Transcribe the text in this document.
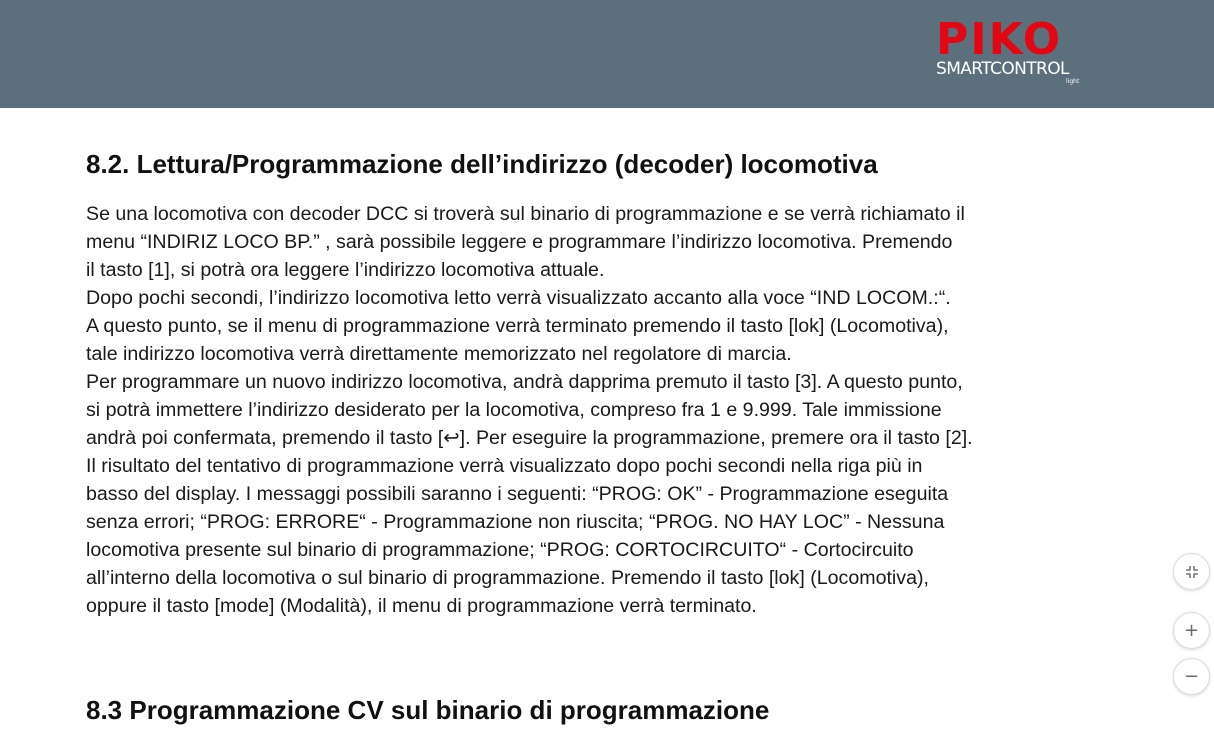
PIKO
SMARTCONTROL
light
8.2. Lettura/Programmazione dell’indirizzo (decoder) locomotiva
Se una locomotiva con decoder DCC si troverà sul binario di programmazione e se verrà richiamato il
menu “INDIRIZ LOCO BP.” , sarà possibile leggere e programmare l’indirizzo locomotiva. Premendo
il tasto [1], si potrà ora leggere l’indirizzo locomotiva attuale.
Dopo pochi secondi, l’indirizzo locomotiva letto verrà visualizzato accanto alla voce “IND LOCOM.:“.
A questo punto, se il menu di programmazione verrà terminato premendo il tasto [lok] (Locomotiva),
tale indirizzo locomotiva verrà direttamente memorizzato nel regolatore di marcia.
Per programmare un nuovo indirizzo locomotiva, andrà dapprima premuto il tasto [3]. A questo punto,
si potrà immettere l’indirizzo desiderato per la locomotiva, compreso fra 1 e 9.999. Tale immissione
andrà poi confermata, premendo il tasto [↩]. Per eseguire la programmazione, premere ora il tasto [2].
Il risultato del tentativo di programmazione verrà visualizzato dopo pochi secondi nella riga più in
basso del display. I messaggi possibili saranno i seguenti: “PROG: OK” - Programmazione eseguita
senza errori; “PROG: ERRORE“ - Programmazione non riuscita; “PROG. NO HAY LOC” - Nessuna
locomotiva presente sul binario di programmazione; “PROG: CORTOCIRCUITO“ - Cortocircuito
all’interno della locomotiva o sul binario di programmazione. Premendo il tasto [lok] (Locomotiva),
oppure il tasto [mode] (Modalità), il menu di programmazione verrà terminato.
8.3 Programmazione CV sul binario di programmazione
+
−
